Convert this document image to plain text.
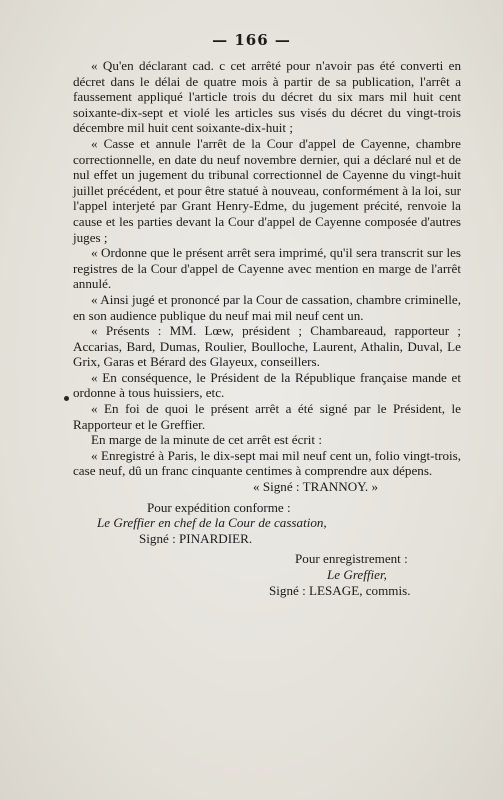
— 166 —

« Qu'en déclarant cad. c cet arrêté pour n'avoir pas été converti en décret dans le délai de quatre mois à partir de sa publication, l'arrêt a faussement appliqué l'article trois du décret du six mars mil huit cent soixante-dix-sept et violé les articles sus visés du décret du vingt-trois décembre mil huit cent soixante-dix-huit ;

« Casse et annule l'arrêt de la Cour d'appel de Cayenne, chambre correctionnelle, en date du neuf novembre dernier, qui a déclaré nul et de nul effet un jugement du tribunal correctionnel de Cayenne du vingt-huit juillet précédent, et pour être statué à nouveau, conformément à la loi, sur l'appel interjeté par Grant Henry-Edme, du jugement précité, renvoie la cause et les parties devant la Cour d'appel de Cayenne composée d'autres juges ;

« Ordonne que le présent arrêt sera imprimé, qu'il sera transcrit sur les registres de la Cour d'appel de Cayenne avec mention en marge de l'arrêt annulé.

« Ainsi jugé et prononcé par la Cour de cassation, chambre criminelle, en son audience publique du neuf mai mil neuf cent un.

« Présents : MM. Lœw, président ; Chambareaud, rapporteur ; Accarias, Bard, Dumas, Roulier, Boulloche, Laurent, Athalin, Duval, Le Grix, Garas et Bérard des Glayeux, conseillers.

« En conséquence, le Président de la République française mande et ordonne à tous huissiers, etc.

« En foi de quoi le présent arrêt a été signé par le Président, le Rapporteur et le Greffier.

En marge de la minute de cet arrêt est écrit :

« Enregistré à Paris, le dix-sept mai mil neuf cent un, folio vingt-trois, case neuf, dû un franc cinquante centimes à comprendre aux dépens.

« Signé : TRANNOY. »

Pour expédition conforme :

Le Greffier en chef de la Cour de cassation,

Signé : PINARDIER.

Pour enregistrement :

Le Greffier,

Signé : LESAGE, commis.
